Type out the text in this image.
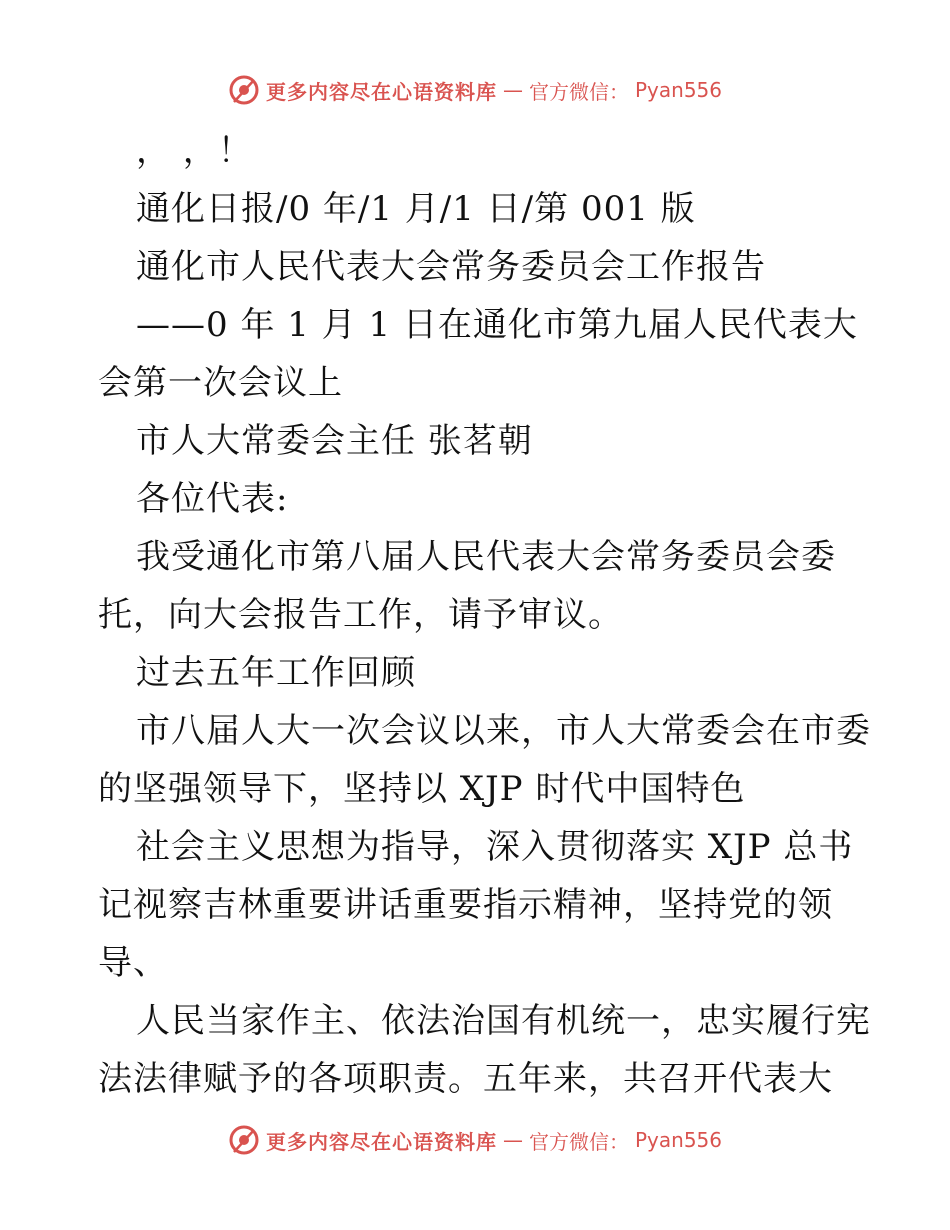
更多内容尽在心语资料库 — 官方微信： Pyan556
， ，！
通化日报/0 年/1 月/1 日/第 001 版
通化市人民代表大会常务委员会工作报告
——0 年 1 月 1 日在通化市第九届人民代表大
会第一次会议上
市人大常委会主任 张茗朝
各位代表:
我受通化市第八届人民代表大会常务委员会委
托，向大会报告工作，请予审议。
过去五年工作回顾
市八届人大一次会议以来，市人大常委会在市委
的坚强领导下，坚持以 XJP 时代中国特色
社会主义思想为指导，深入贯彻落实 XJP 总书
记视察吉林重要讲话重要指示精神，坚持党的领
导、
人民当家作主、依法治国有机统一，忠实履行宪
法法律赋予的各项职责。五年来，共召开代表大
更多内容尽在心语资料库 — 官方微信： Pyan556
